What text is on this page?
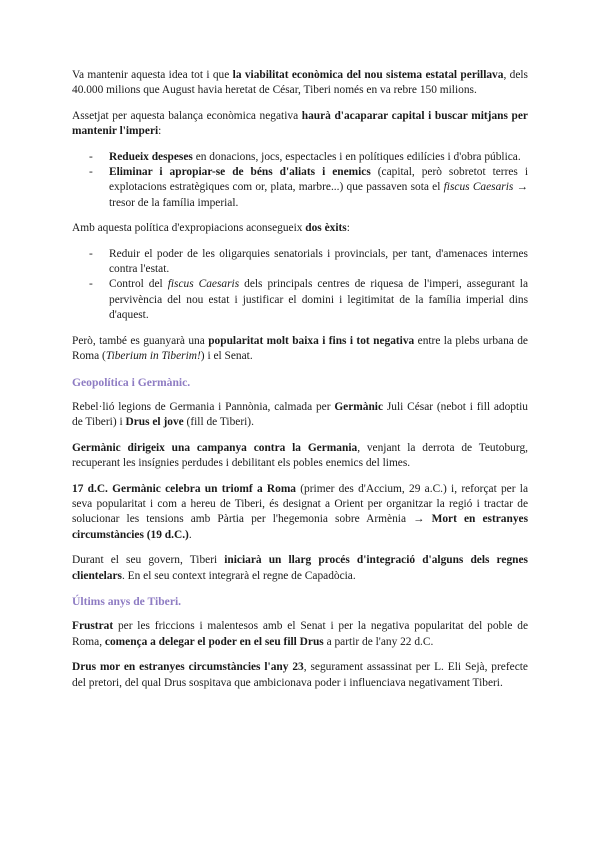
Va mantenir aquesta idea tot i que la viabilitat econòmica del nou sistema estatal perillava, dels 40.000 milions que August havia heretat de César, Tiberi només en va rebre 150 milions.

Assetjat per aquesta balança econòmica negativa haurà d'acaparar capital i buscar mitjans per mantenir l'imperi:

- Redueix despeses en donacions, jocs, espectacles i en polítiques edilícies i d'obra pública.
- Eliminar i apropiar-se de béns d'aliats i enemics (capital, però sobretot terres i explotacions estratègiques com or, plata, marbre...) que passaven sota el fiscus Caesaris → tresor de la família imperial.

Amb aquesta política d'expropiacions aconsegueix dos èxits:

- Reduir el poder de les oligarquies senatorials i provincials, per tant, d'amenaces internes contra l'estat.
- Control del fiscus Caesaris dels principals centres de riquesa de l'imperi, assegurant la pervivència del nou estat i justificar el domini i legitimitat de la família imperial dins d'aquest.

Però, també es guanyarà una popularitat molt baixa i fins i tot negativa entre la plebs urbana de Roma (Tiberium in Tiberim!) i el Senat.

Geopolítica i Germànic.

Rebel·lió legions de Germania i Pannònia, calmada per Germànic Juli César (nebot i fill adoptiu de Tiberi) i Drus el jove (fill de Tiberi).

Germànic dirigeix una campanya contra la Germania, venjant la derrota de Teutoburg, recuperant les insígnies perdudes i debilitant els pobles enemics del limes.

17 d.C. Germànic celebra un triomf a Roma (primer des d'Accium, 29 a.C.) i, reforçat per la seva popularitat i com a hereu de Tiberi, és designat a Orient per organitzar la regió i tractar de solucionar les tensions amb Pàrtia per l'hegemonia sobre Armènia → Mort en estranyes circumstàncies (19 d.C.).

Durant el seu govern, Tiberi iniciarà un llarg procés d'integració d'alguns dels regnes clientelars. En el seu context integrarà el regne de Capadòcia.

Últims anys de Tiberi.

Frustrat per les friccions i malentesos amb el Senat i per la negativa popularitat del poble de Roma, comença a delegar el poder en el seu fill Drus a partir de l'any 22 d.C.

Drus mor en estranyes circumstàncies l'any 23, segurament assassinat per L. Eli Sejà, prefecte del pretori, del qual Drus sospitava que ambicionava poder i influenciava negativament Tiberi.
